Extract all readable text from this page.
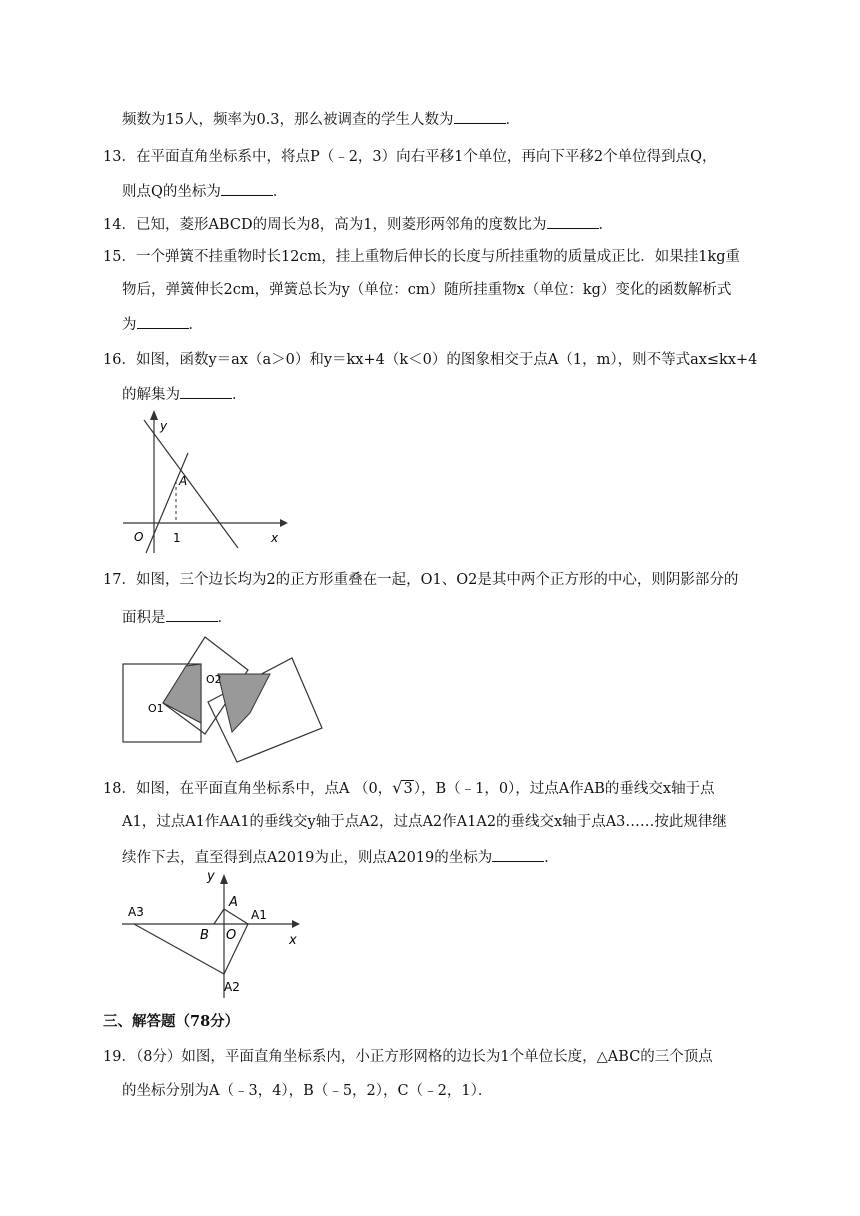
频数为15人，频率为0.3，那么被调查的学生人数为	．
13．在平面直角坐标系中，将点P（﹣2，3）向右平移1个单位，再向下平移2个单位得到点Q，
则点Q的坐标为	．
14．已知，菱形ABCD的周长为8，高为1，则菱形两邻角的度数比为	．
15．一个弹簧不挂重物时长12cm，挂上重物后伸长的长度与所挂重物的质量成正比．如果挂1kg重
物后，弹簧伸长2cm，弹簧总长为y（单位：cm）随所挂重物x（单位：kg）变化的函数解析式
为	．
16．如图，函数y＝ax（a＞0）和y＝kx+4（k＜0）的图象相交于点A（1，m），则不等式ax≤kx+4
的解集为	．
y
x
A
O 1
17．如图，三个边长均为2的正方形重叠在一起，O1、O2是其中两个正方形的中心，则阴影部分的
面积是	．
O1
O2
18．如图，在平面直角坐标系中，点A （0，√3），B（﹣1，0），过点A作AB的垂线交x轴于点
A1，过点A1作AA1的垂线交y轴于点A2，过点A2作A1A2的垂线交x轴于点A3……按此规律继
续作下去，直至得到点A2019为止，则点A2019的坐标为	．
y
x
A
A1
A2
A3
B O
三、解答题（78分）
19．（8分）如图，平面直角坐标系内，小正方形网格的边长为1个单位长度，△ABC的三个顶点
的坐标分别为A（﹣3，4），B（﹣5，2），C（﹣2，1）．
